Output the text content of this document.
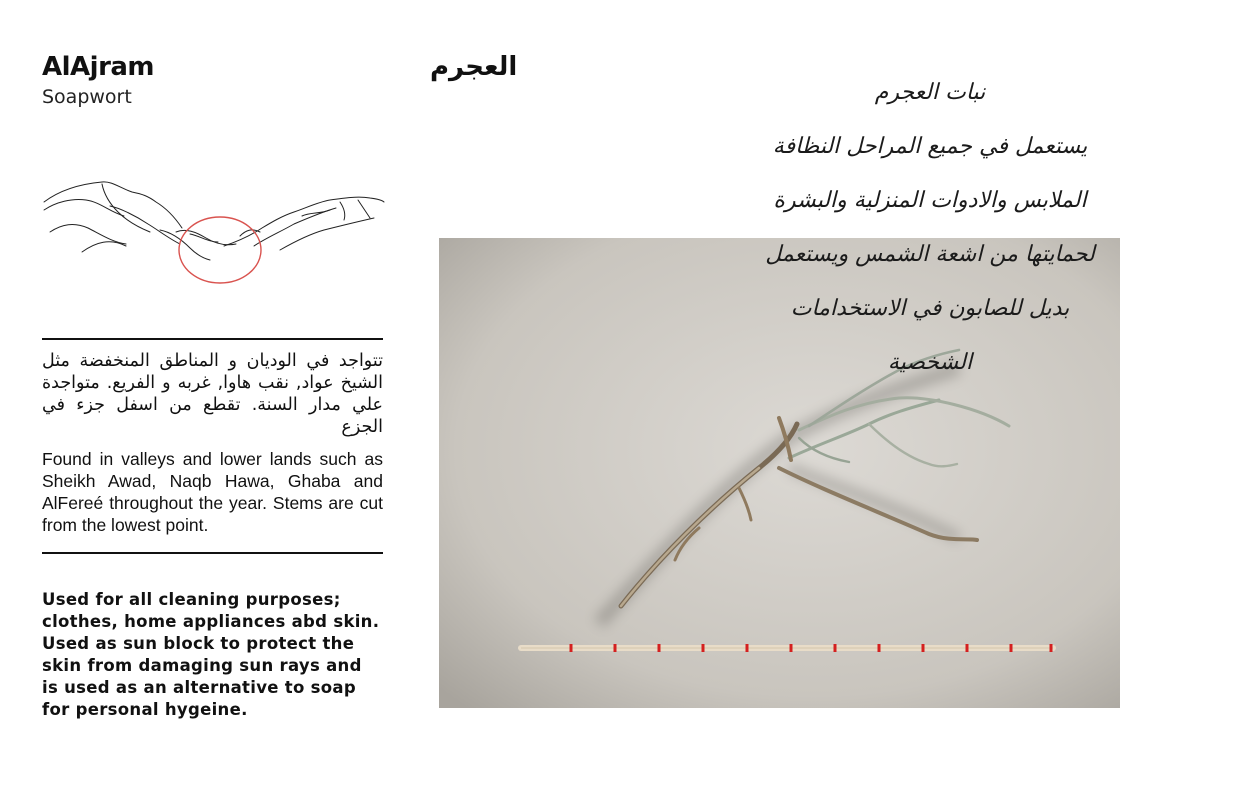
AlAjram
Soapwort
العجرم
تتواجد في الوديان و المناطق المنخفضة مثل الشيخ عواد, نقب هاوا, غربه و الفريع. متواجدة علي مدار السنة. تقطع من اسفل جزء في الجزع
Found in valleys and lower lands such as Sheikh Awad, Naqb Hawa, Ghaba and AlFereé throughout the year. Stems are cut from the lowest point.
Used for all cleaning purposes; clothes, home appliances abd skin. Used as sun block to protect the skin from damaging sun rays and is used as an alternative to soap for personal hygeine.
نبات العجرم
يستعمل في جميع المراحل النظافة
الملابس والادوات المنزلية والبشرة
لحمايتها من اشعة الشمس ويستعمل
بديل للصابون في الاستخدامات
الشخصية
